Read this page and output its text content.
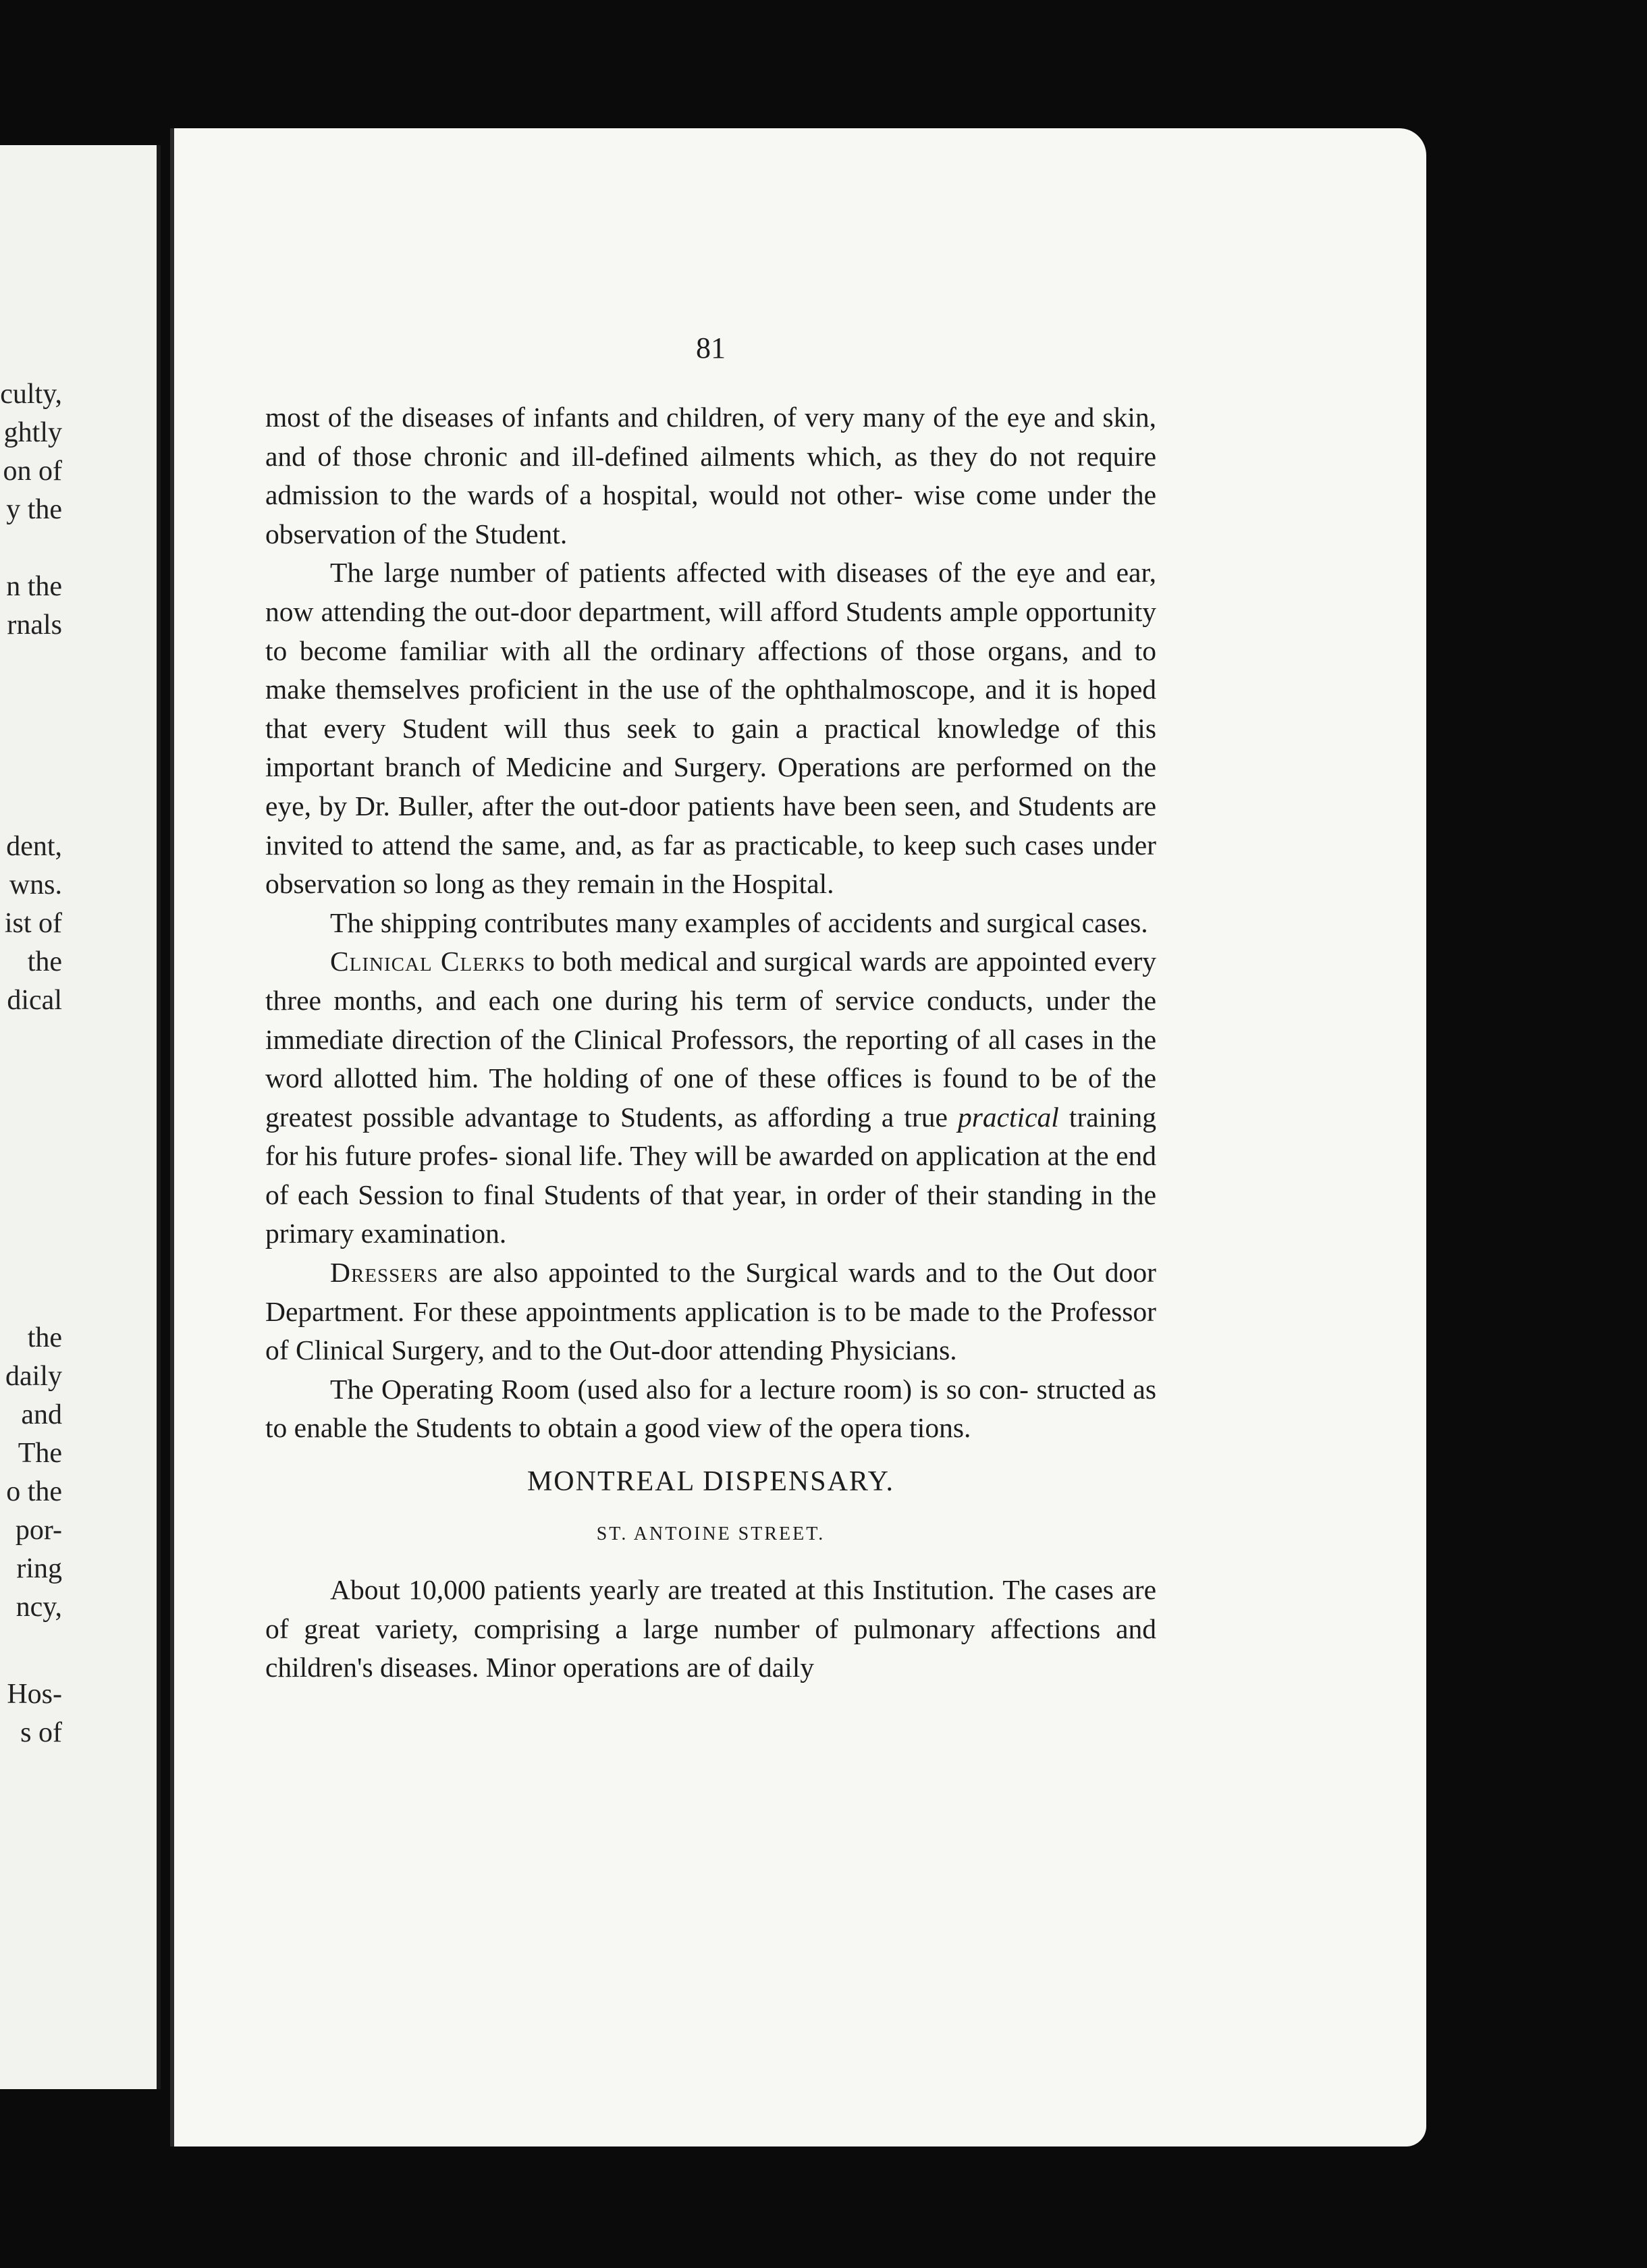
culty,
ghtly
on of
y the
n the
rnals
dent,
wns.
ist of
the
dical
the
daily
and
The
o the
por-
ring
ncy,
Hos-
s of
81

most of the diseases of infants and children, of very many of the eye and skin, and of those chronic and ill-defined ailments which, as they do not require admission to the wards of a hospital, would not other- wise come under the observation of the Student.

The large number of patients affected with diseases of the eye and ear, now attending the out-door department, will afford Students ample opportunity to become familiar with all the ordinary affections of those organs, and to make themselves proficient in the use of the ophthalmoscope, and it is hoped that every Student will thus seek to gain a practical knowledge of this important branch of Medicine and Surgery. Operations are performed on the eye, by Dr. Buller, after the out-door patients have been seen, and Students are invited to attend the same, and, as far as practicable, to keep such cases under observation so long as they remain in the Hospital.

The shipping contributes many examples of accidents and surgical cases.

Clinical Clerks to both medical and surgical wards are appointed every three months, and each one during his term of service conducts, under the immediate direction of the Clinical Professors, the reporting of all cases in the word allotted him. The holding of one of these offices is found to be of the greatest possible advantage to Students, as affording a true practical training for his future profes- sional life. They will be awarded on application at the end of each Session to final Students of that year, in order of their standing in the primary examination.

Dressers are also appointed to the Surgical wards and to the Out door Department. For these appointments application is to be made to the Professor of Clinical Surgery, and to the Out-door attending Physicians.

The Operating Room (used also for a lecture room) is so con- structed as to enable the Students to obtain a good view of the opera tions.

MONTREAL DISPENSARY.
ST. ANTOINE STREET.

About 10,000 patients yearly are treated at this Institution. The cases are of great variety, comprising a large number of pulmonary affections and children's diseases. Minor operations are of daily
